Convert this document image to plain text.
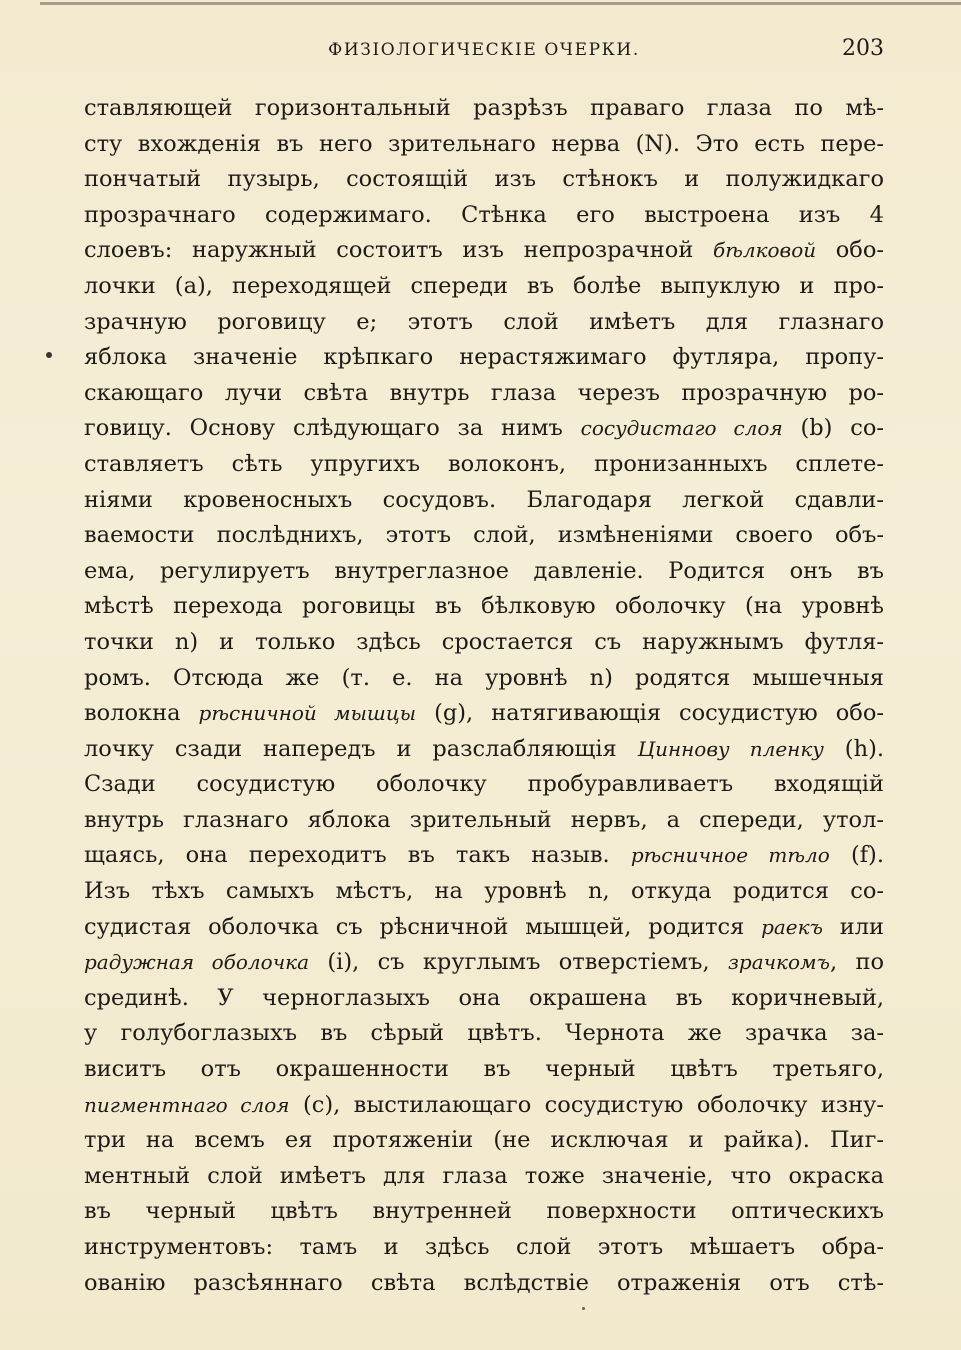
ФИЗІОЛОГИЧЕСКІЕ ОЧЕРКИ.	203
ставляющей горизонтальный разрѣзъ праваго глаза по мѣ-
сту вхожденія въ него зрительнаго нерва (N). Это есть пере-
пончатый пузырь, состоящій изъ стѣнокъ и полужидкаго
прозрачнаго содержимаго. Стѣнка его выстроена изъ 4
слоевъ: наружный состоитъ изъ непрозрачной бѣлковой обо-
лочки (a), переходящей спереди въ болѣе выпуклую и про-
зрачную роговицу e; этотъ слой имѣетъ для глазнаго
яблока значеніе крѣпкаго нерастяжимаго футляра, пропу-
скающаго лучи свѣта внутрь глаза черезъ прозрачную ро-
говицу. Основу слѣдующаго за нимъ сосудистаго слоя (b) со-
ставляетъ сѣть упругихъ волоконъ, пронизанныхъ сплете-
ніями кровеносныхъ сосудовъ. Благодаря легкой сдавли-
ваемости послѣднихъ, этотъ слой, измѣненіями своего объ-
ема, регулируетъ внутреглазное давленіе. Родится онъ въ
мѣстѣ перехода роговицы въ бѣлковую оболочку (на уровнѣ
точки n) и только здѣсь сростается съ наружнымъ футля-
ромъ. Отсюда же (т. е. на уровнѣ n) родятся мышечныя
волокна рѣсничной мышцы (g), натягивающія сосудистую обо-
лочку сзади напередъ и разслабляющія Циннову пленку (h).
Сзади сосудистую оболочку пробуравливаетъ входящій
внутрь глазнаго яблока зрительный нервъ, а спереди, утол-
щаясь, она переходитъ въ такъ назыв. рѣсничное тѣло (f).
Изъ тѣхъ самыхъ мѣстъ, на уровнѣ n, откуда родится со-
судистая оболочка съ рѣсничной мышцей, родится раекъ или
радужная оболочка (i), съ круглымъ отверстіемъ, зрачкомъ, по
срединѣ. У черноглазыхъ она окрашена въ коричневый,
у голубоглазыхъ въ сѣрый цвѣтъ. Чернота же зрачка за-
виситъ отъ окрашенности въ черный цвѣтъ третьяго,
пигментнаго слоя (c), выстилающаго сосудистую оболочку изну-
три на всемъ ея протяженіи (не исключая и райка). Пиг-
ментный слой имѣетъ для глаза тоже значеніе, что окраска
въ черный цвѣтъ внутренней поверхности оптическихъ
инструментовъ: тамъ и здѣсь слой этотъ мѣшаетъ обра-
ованію разсѣяннаго свѣта вслѣдствіе отраженія отъ стѣ-
